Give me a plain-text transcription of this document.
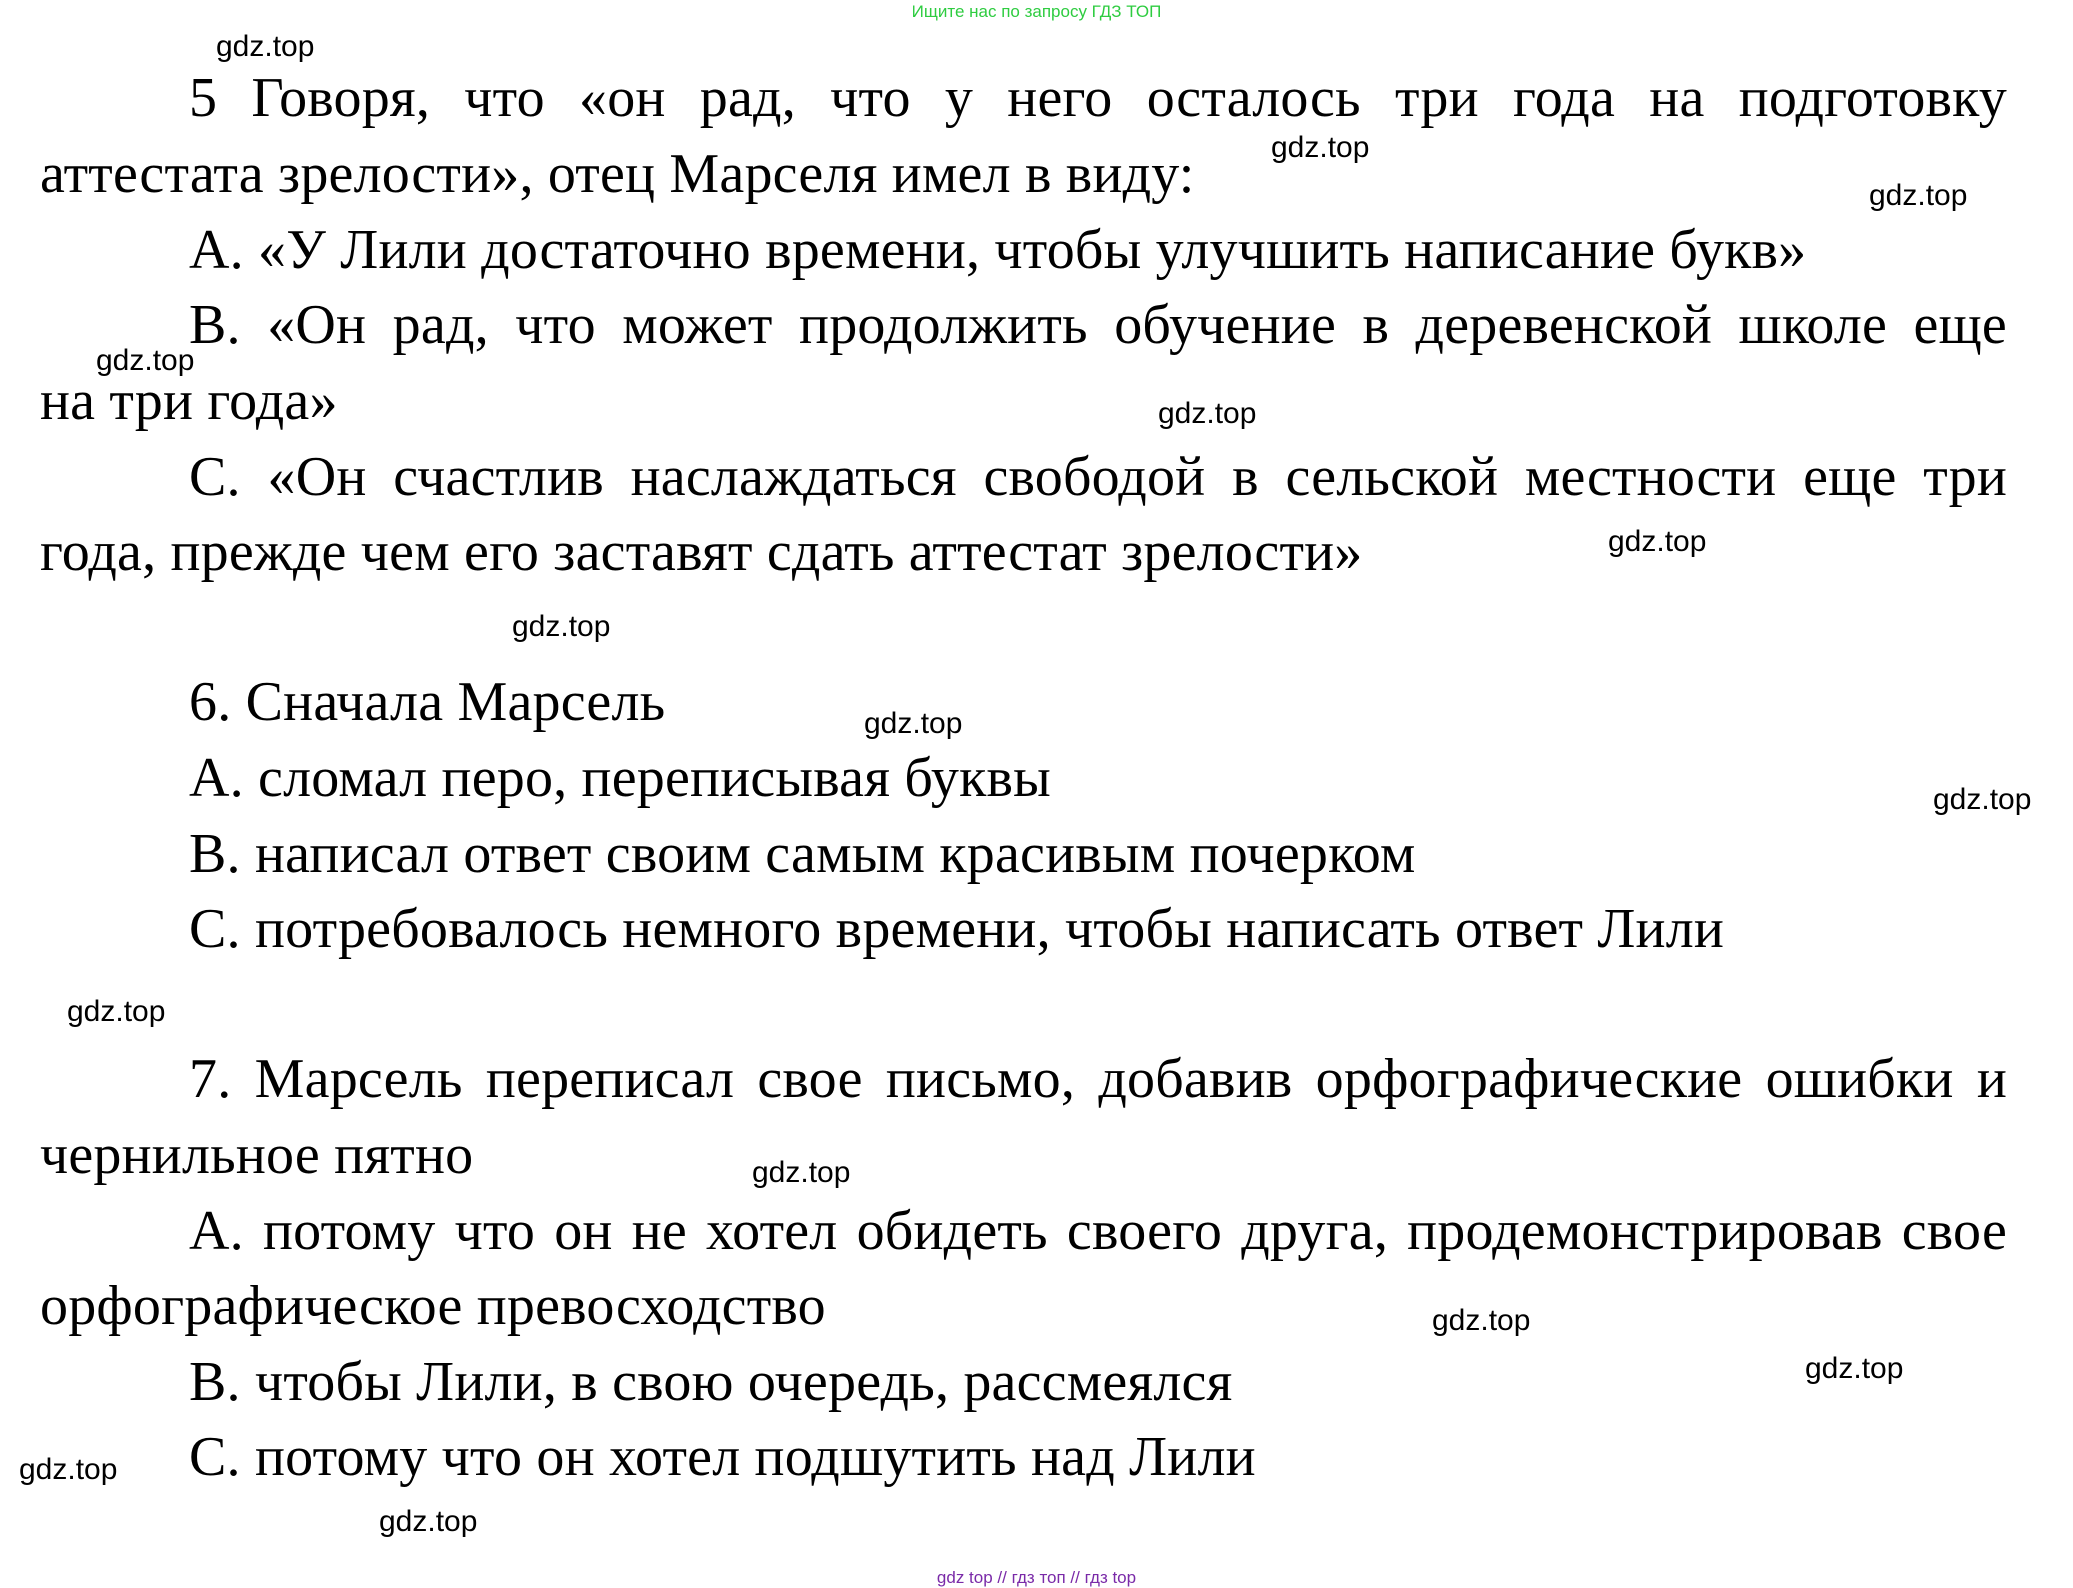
Ищите нас по запросу ГДЗ ТОП
5 Говоря, что «он рад, что у него осталось три года на подготовку
аттестата зрелости», отец Марселя имел в виду:
A. «У Лили достаточно времени, чтобы улучшить написание букв»
B. «Он рад, что может продолжить обучение в деревенской школе еще
на три года»
C. «Он счастлив наслаждаться свободой в сельской местности еще три
года, прежде чем его заставят сдать аттестат зрелости»
6. Сначала Марсель
A. сломал перо, переписывая буквы
B. написал ответ своим самым красивым почерком
C. потребовалось немного времени, чтобы написать ответ Лили
7. Марсель переписал свое письмо, добавив орфографические ошибки и
чернильное пятно
A. потому что он не хотел обидеть своего друга, продемонстрировав свое
орфографическое превосходство
B. чтобы Лили, в свою очередь, рассмеялся
C. потому что он хотел подшутить над Лили
gdz.top
gdz.top
gdz.top
gdz.top
gdz.top
gdz.top
gdz.top
gdz.top
gdz.top
gdz.top
gdz.top
gdz.top
gdz.top
gdz.top
gdz.top
gdz top // гдз топ // гдз top
